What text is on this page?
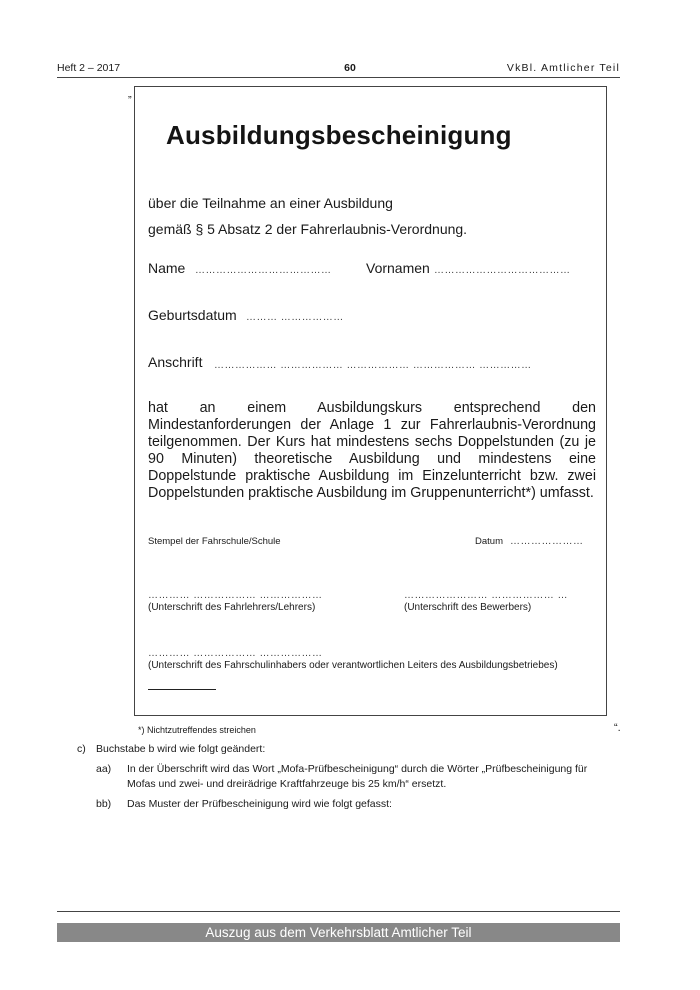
Heft 2 – 2017	60	VkBl. Amtlicher Teil
„
Ausbildungsbescheinigung
über die Teilnahme an einer Ausbildung
gemäß § 5 Absatz 2 der Fahrerlaubnis-Verordnung.
Name ………………………………… Vornamen …………………………………
Geburtsdatum ……… ………………
Anschrift ……………… ……………… ……………… ……………… ……………
hat an einem Ausbildungskurs entsprechend den Mindestanforderungen der Anlage 1 zur Fahrerlaubnis-Verordnung teilgenommen. Der Kurs hat mindestens sechs Doppelstunden (zu je 90 Minuten) theoretische Ausbildung und mindestens eine Doppelstunde praktische Ausbildung im Einzelunterricht bzw. zwei Doppelstunden praktische Ausbildung im Gruppenunterricht*) umfasst.
Stempel der Fahrschule/Schule	Datum …………………
………… ……………… ………………
(Unterschrift des Fahrlehrers/Lehrers)
…………………… ……………… …
(Unterschrift des Bewerbers)
………… ……………… ………………
(Unterschrift des Fahrschulinhabers oder verantwortlichen Leiters des Ausbildungsbetriebes)
*) Nichtzutreffendes streichen	“.
c) Buchstabe b wird wie folgt geändert:
aa) In der Überschrift wird das Wort „Mofa-Prüfbescheinigung“ durch die Wörter „Prüfbescheinigung für
Mofas und zwei- und dreirädrige Kraftfahrzeuge bis 25 km/h“ ersetzt.
bb) Das Muster der Prüfbescheinigung wird wie folgt gefasst:
Auszug aus dem Verkehrsblatt Amtlicher Teil
